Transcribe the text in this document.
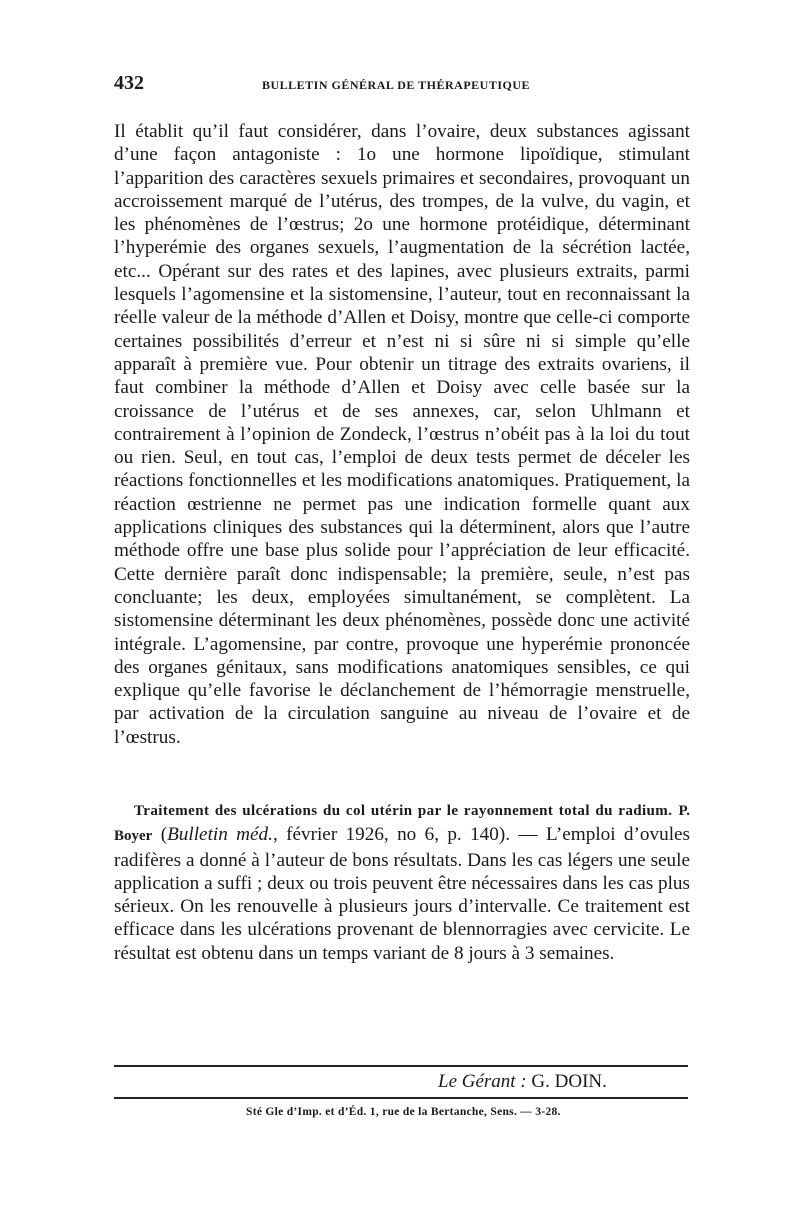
432	BULLETIN GÉNÉRAL DE THÉRAPEUTIQUE

Il établit qu’il faut considérer, dans l’ovaire, deux substances agissant d’une façon antagoniste : 1o une hormone lipoïdique, stimulant l’apparition des caractères sexuels primaires et secondaires, provoquant un accroissement marqué de l’utérus, des trompes, de la vulve, du vagin, et les phénomènes de l’œstrus; 2o une hormone protéidique, déterminant l’hyperémie des organes sexuels, l’augmentation de la sécrétion lactée, etc... Opérant sur des rates et des lapines, avec plusieurs extraits, parmi lesquels l’agomensine et la sistomensine, l’auteur, tout en reconnaissant la réelle valeur de la méthode d’Allen et Doisy, montre que celle-ci comporte certaines possibilités d’erreur et n’est ni si sûre ni si simple qu’elle apparaît à première vue. Pour obtenir un titrage des extraits ovariens, il faut combiner la méthode d’Allen et Doisy avec celle basée sur la croissance de l’utérus et de ses annexes, car, selon Uhlmann et contrairement à l’opinion de Zondeck, l’œstrus n’obéit pas à la loi du tout ou rien. Seul, en tout cas, l’emploi de deux tests permet de déceler les réactions fonctionnelles et les modifications anatomiques. Pratiquement, la réaction œstrienne ne permet pas une indication formelle quant aux applications cliniques des substances qui la déterminent, alors que l’autre méthode offre une base plus solide pour l’appréciation de leur efficacité. Cette dernière paraît donc indispensable; la première, seule, n’est pas concluante; les deux, employées simultanément, se complètent. La sistomensine déterminant les deux phénomènes, possède donc une activité intégrale. L’agomensine, par contre, provoque une hyperémie prononcée des organes génitaux, sans modifications anatomiques sensibles, ce qui explique qu’elle favorise le déclanchement de l’hémorragie menstruelle, par activation de la circulation sanguine au niveau de l’ovaire et de l’œstrus.

Traitement des ulcérations du col utérin par le rayonnement total du radium. P. Boyer (Bulletin méd., février 1926, no 6, p. 140). — L’emploi d’ovules radifères a donné à l’auteur de bons résultats. Dans les cas légers une seule application a suffi ; deux ou trois peuvent être nécessaires dans les cas plus sérieux. On les renouvelle à plusieurs jours d’intervalle. Ce traitement est efficace dans les ulcérations provenant de blennorragies avec cervicite. Le résultat est obtenu dans un temps variant de 8 jours à 3 semaines.

Le Gérant : G. DOIN.
Sté Gle d’Imp. et d’Éd. 1, rue de la Bertanche, Sens. — 3-28.
